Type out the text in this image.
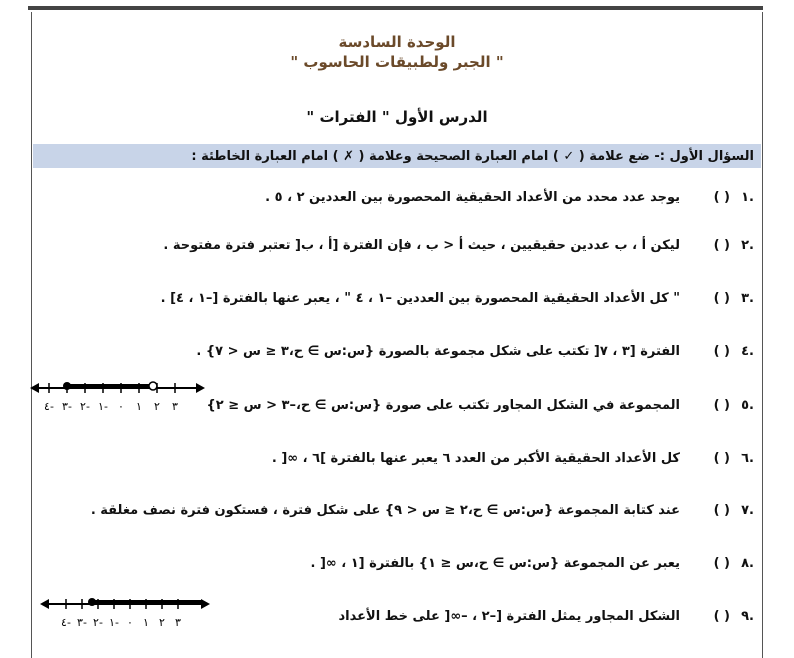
الوحدة السادسة
" الجبر ولطبيقات الحاسوب "
الدرس الأول " الفترات "
السؤال الأول :- ضع علامة ( ✓ ) امام العبارة الصحيحة وعلامة ( ✗ ) امام العبارة الخاطئة :
.١( )يوجد عدد محدد من الأعداد الحقيقية المحصورة بين العددين ٢ ، ٥ .
.٢( )ليكن أ ، ب عددين حقيقيين ، حيث أ < ب ، فإن الفترة [أ ، ب[ تعتبر فترة مفتوحة .
.٣( )" كل الأعداد الحقيقية المحصورة بين العددين –١ ، ٤ " ، يعبر عنها بالفترة [–١ ، ٤] .
.٤( )الفترة [٣ ، ٧[ تكتب على شكل مجموعة بالصورة {س:س ∋ ح،٣ ≤ س < ٧} .
.٥( )المجموعة في الشكل المجاور تكتب على صورة {س:س ∋ ح،–٣ < س ≤ ٢}
.٦( )كل الأعداد الحقيقية الأكبر من العدد ٦ يعبر عنها بالفترة ]٦ ، ∞[ .
.٧( )عند كتابة المجموعة {س:س ∋ ح،٢ ≤ س < ٩} على شكل فترة ، فستكون فترة نصف مغلقة .
.٨( )يعبر عن المجموعة {س:س ∋ ح،س ≤ ١} بالفترة [١ ، ∞[ .
.٩( )الشكل المجاور يمثل الفترة [–٢ ، –∞[ على خط الأعداد
٣
٢
١
٠
١-
٢-
٣-
٤-
٣
٢
١
٠
١-
٢-
٣-
٤-
